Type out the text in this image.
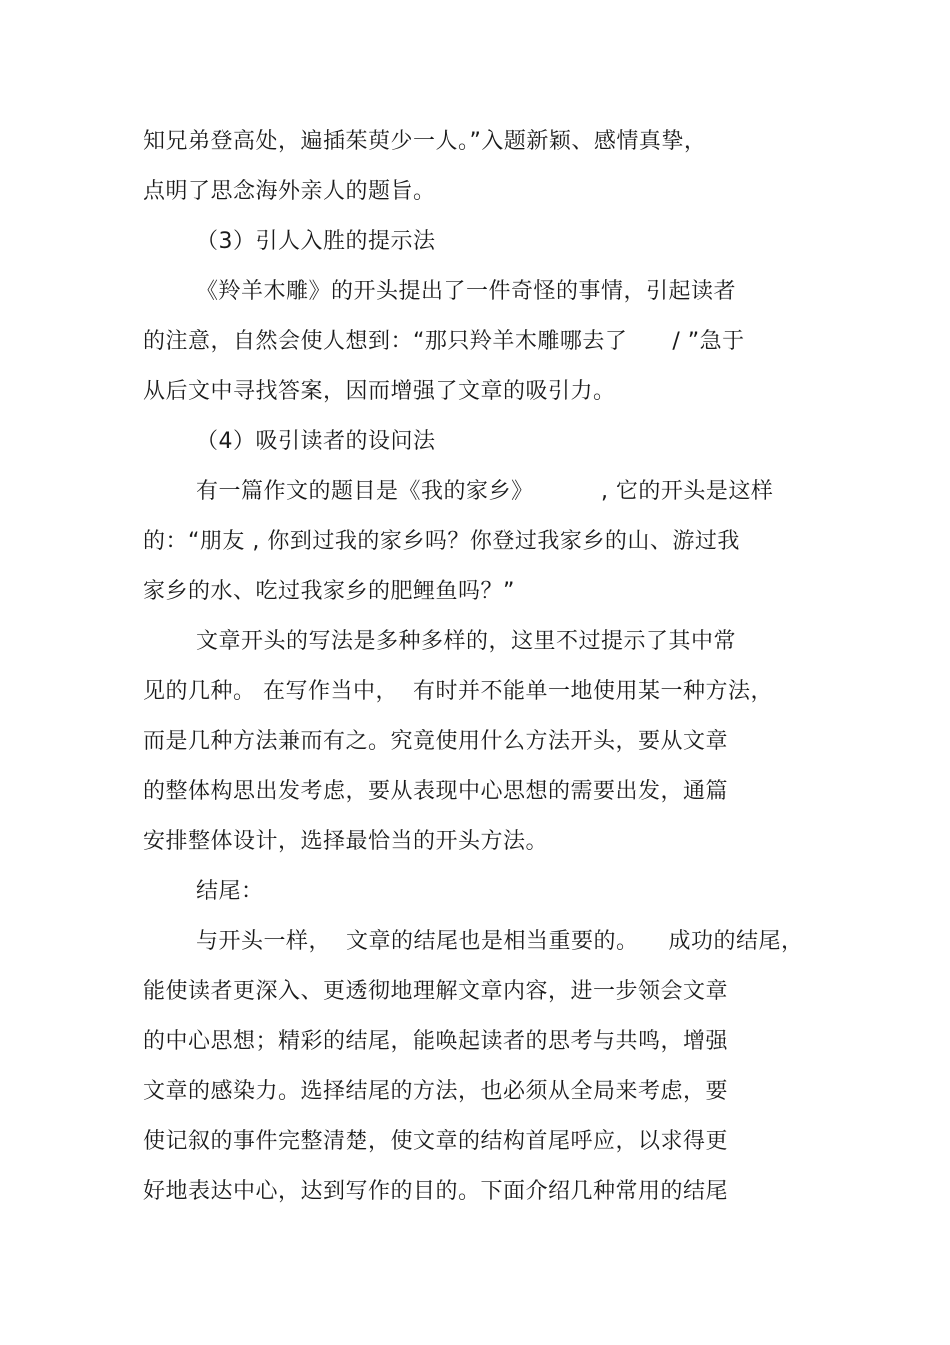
知兄弟登高处，遍插茱萸少一人。”入题新颖、感情真挚，
点明了思念海外亲人的题旨。
（3）引人入胜的提示法
《羚羊木雕》的开头提出了一件奇怪的事情，引起读者
的注意，自然会使人想到：“那只羚羊木雕哪去了      / ”急于
从后文中寻找答案，因而增强了文章的吸引力。
（4）吸引读者的设问法
有一篇作文的题目是《我的家乡》         , 它的开头是这样
的：“朋友 , 你到过我的家乡吗？你登过我家乡的山、游过我
家乡的水、吃过我家乡的肥鲤鱼吗？”
文章开头的写法是多种多样的，这里不过提示了其中常
见的几种。 在写作当中，  有时并不能单一地使用某一种方法，
而是几种方法兼而有之。究竟使用什么方法开头，要从文章
的整体构思出发考虑，要从表现中心思想的需要出发，通篇
安排整体设计，选择最恰当的开头方法。
结尾：
与开头一样，  文章的结尾也是相当重要的。    成功的结尾，
能使读者更深入、更透彻地理解文章内容，进一步领会文章
的中心思想；精彩的结尾，能唤起读者的思考与共鸣，增强
文章的感染力。选择结尾的方法，也必须从全局来考虑，要
使记叙的事件完整清楚，使文章的结构首尾呼应，以求得更
好地表达中心，达到写作的目的。下面介绍几种常用的结尾
